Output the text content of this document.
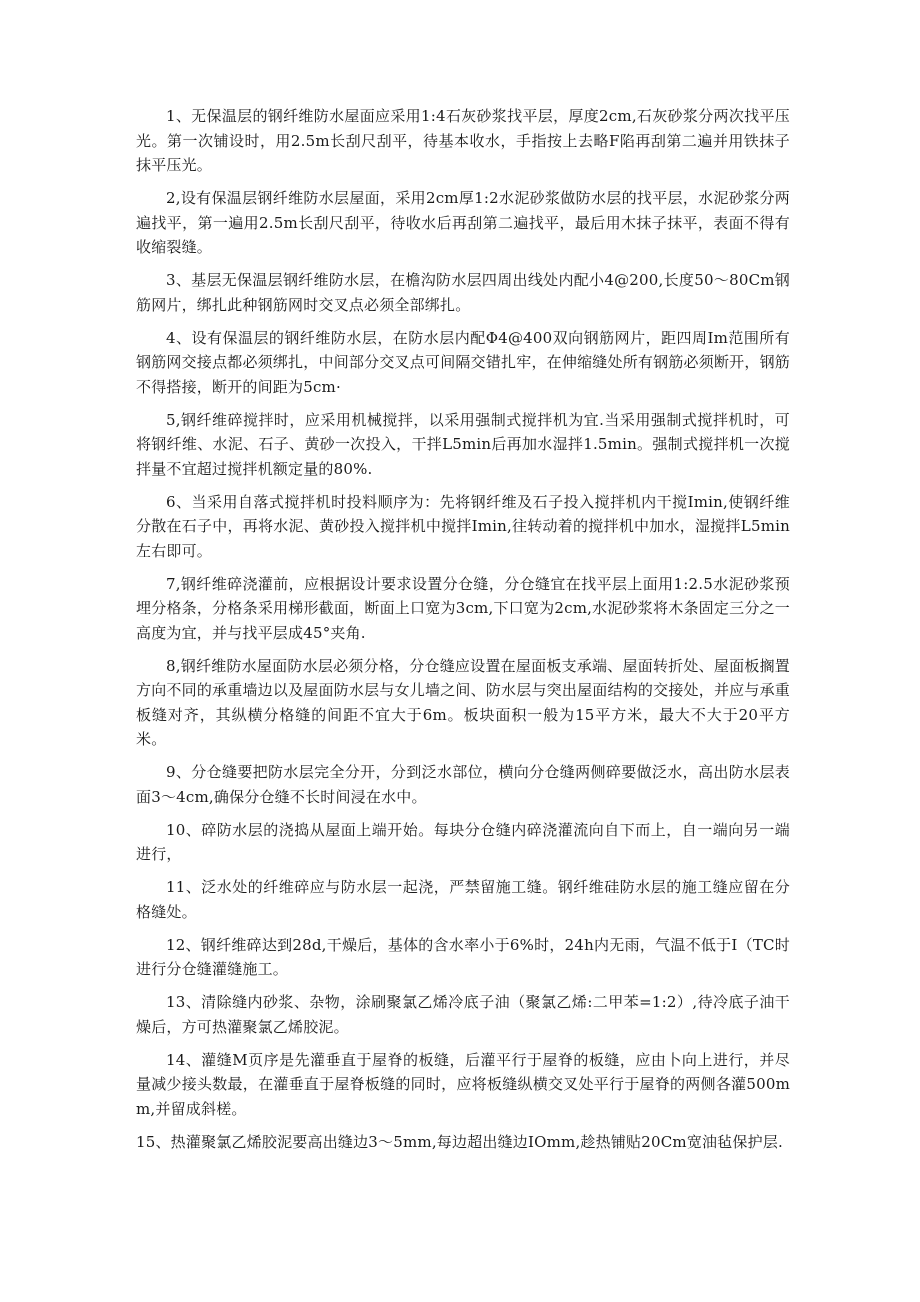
1、无保温层的钢纤维防水屋面应采用1:4石灰砂浆找平层，厚度2cm,石灰砂浆分两次找平压光。第一次铺设时，用2.5m长刮尺刮平，待基本收水，手指按上去略F陷再刮第二遍并用铁抹子抹平压光。

2,设有保温层钢纤维防水层屋面，采用2cm厚1:2水泥砂浆做防水层的找平层，水泥砂浆分两遍找平，第一遍用2.5m长刮尺刮平，待收水后再刮第二遍找平，最后用木抹子抹平，表面不得有收缩裂缝。

3、基层无保温层钢纤维防水层，在檐沟防水层四周出线处内配小4@200,长度50～80Cm钢筋网片，绑扎此种钢筋网时交叉点必须全部绑扎。

4、设有保温层的钢纤维防水层，在防水层内配Φ4@400双向钢筋网片，距四周Im范围所有钢筋网交接点都必须绑扎，中间部分交叉点可间隔交错扎牢，在伸缩缝处所有钢筋必须断开，钢筋不得搭接，断开的间距为5cm·

5,钢纤维碎搅拌时，应采用机械搅拌，以采用强制式搅拌机为宜.当采用强制式搅拌机时，可将钢纤维、水泥、石子、黄砂一次投入，干拌L5min后再加水湿拌1.5min。强制式搅拌机一次搅拌量不宜超过搅拌机额定量的80%.

6、当采用自落式搅拌机时投料顺序为：先将钢纤维及石子投入搅拌机内干搅Imin,使钢纤维分散在石子中，再将水泥、黄砂投入搅拌机中搅拌Imin,往转动着的搅拌机中加水，湿搅拌L5min左右即可。

7,钢纤维碎浇灌前，应根据设计要求设置分仓缝，分仓缝宜在找平层上面用1:2.5水泥砂浆预埋分格条，分格条采用梯形截面，断面上口宽为3cm,下口宽为2cm,水泥砂浆将木条固定三分之一高度为宜，并与找平层成45°夹角.

8,钢纤维防水屋面防水层必须分格，分仓缝应设置在屋面板支承端、屋面转折处、屋面板搁置方向不同的承重墙边以及屋面防水层与女儿墙之间、防水层与突出屋面结构的交接处，并应与承重板缝对齐，其纵横分格缝的间距不宜大于6m。板块面积一般为15平方米，最大不大于20平方米。

9、分仓缝要把防水层完全分开，分到泛水部位，横向分仓缝两侧碎要做泛水，高出防水层表面3～4cm,确保分仓缝不长时间浸在水中。

10、碎防水层的浇捣从屋面上端开始。每块分仓缝内碎浇灌流向自下而上，自一端向另一端进行，

11、泛水处的纤维碎应与防水层一起浇，严禁留施工缝。钢纤维硅防水层的施工缝应留在分格缝处。

12、钢纤维碎达到28d,干燥后，基体的含水率小于6%时，24h内无雨，气温不低于I（TC时进行分仓缝灌缝施工。

13、清除缝内砂浆、杂物，涂刷聚氯乙烯冷底子油（聚氯乙烯:二甲苯=1:2）,待冷底子油干燥后，方可热灌聚氯乙烯胶泥。

14、灌缝M页序是先灌垂直于屋脊的板缝，后灌平行于屋脊的板缝，应由卜向上进行，并尽量减少接头数最，在灌垂直于屋脊板缝的同时，应将板缝纵横交叉处平行于屋脊的两侧各灌500mm,并留成斜槎。

15、热灌聚氯乙烯胶泥要高出缝边3～5mm,每边超出缝边IOmm,趁热铺贴20Cm宽油毡保护层.
